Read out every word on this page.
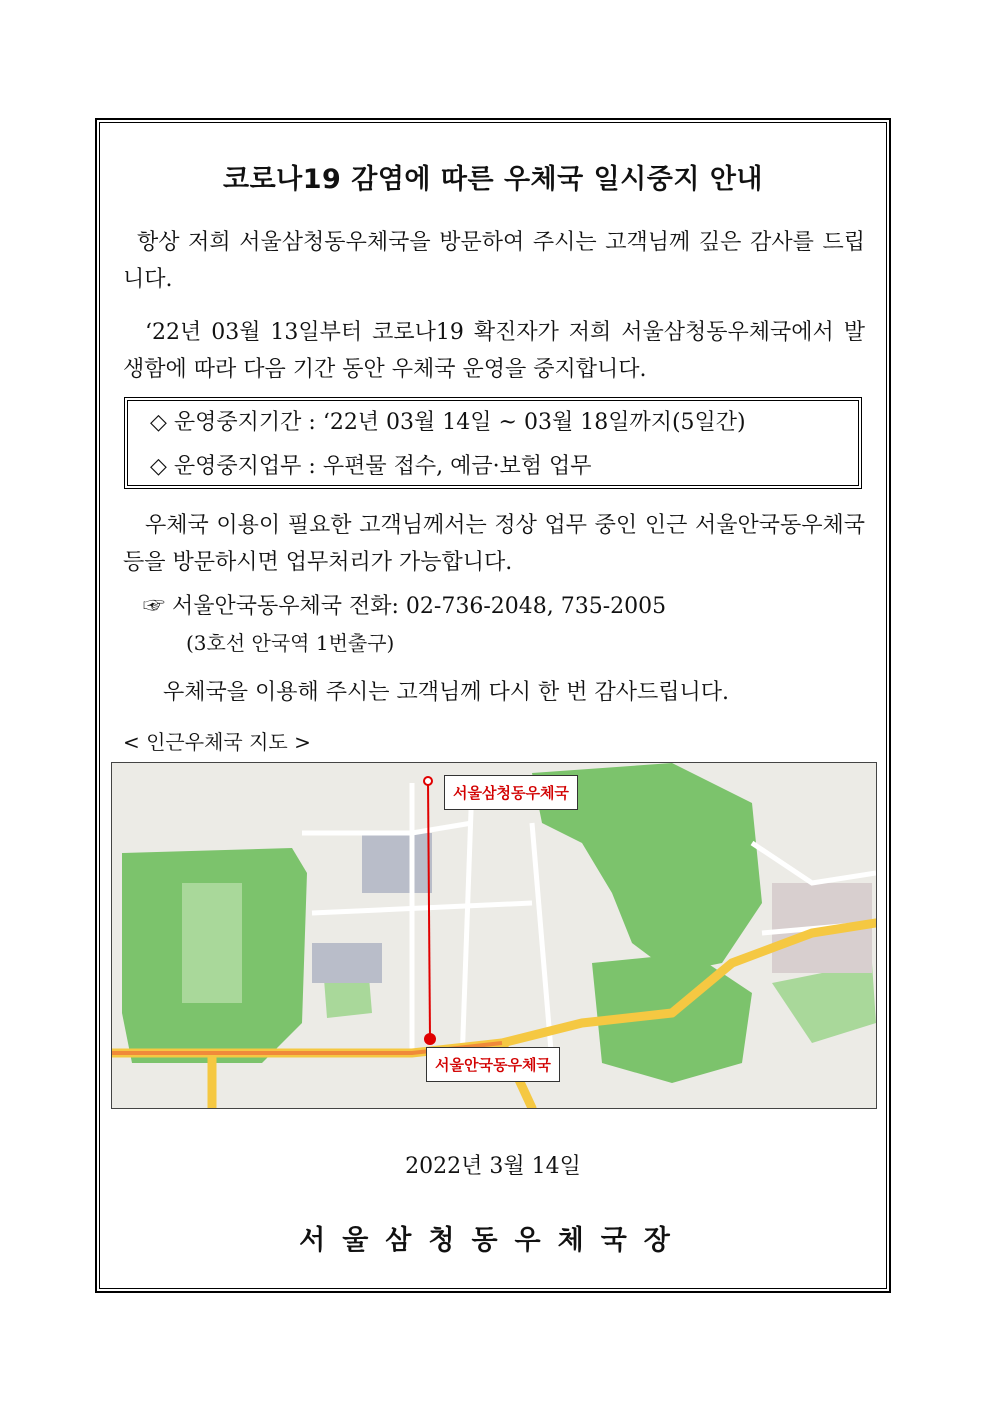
코로나19 감염에 따른 우체국 일시중지 안내
항상 저희 서울삼청동우체국을 방문하여 주시는 고객님께 깊은 감사를 드립니다.
‘22년 03월 13일부터 코로나19 확진자가 저희 서울삼청동우체국에서 발생함에 따라 다음 기간 동안 우체국 운영을 중지합니다.
◇ 운영중지기간 : ‘22년 03월 14일 ~ 03월 18일까지(5일간)
◇ 운영중지업무 : 우편물 접수, 예금·보험 업무
우체국 이용이 필요한 고객님께서는 정상 업무 중인 인근 서울안국동우체국 등을 방문하시면 업무처리가 가능합니다.
☞ 서울안국동우체국 전화: 02-736-2048, 735-2005
(3호선 안국역 1번출구)
우체국을 이용해 주시는 고객님께 다시 한 번 감사드립니다.
< 인근우체국 지도 >
서울삼청동우체국
서울안국동우체국
2022년 3월 14일
서울삼청동우체국장
